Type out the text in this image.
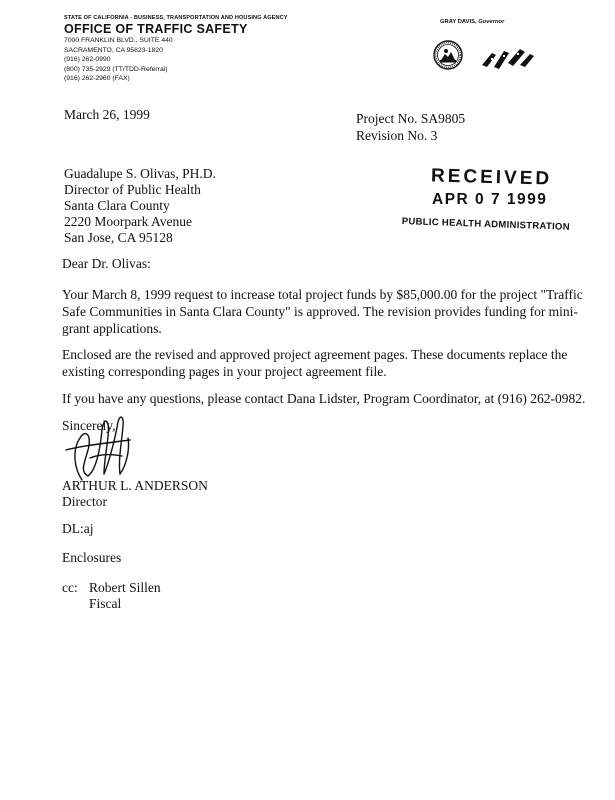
STATE OF CALIFORNIA - BUSINESS, TRANSPORTATION AND HOUSING AGENCY
OFFICE OF TRAFFIC SAFETY
7000 FRANKLIN BLVD., SUITE 440
SACRAMENTO, CA 95823-1820
(916) 262-0990
(800) 735-2929 (TT/TDD-Referral)
(916) 262-2960 (FAX)
GRAY DAVIS, Governor
March 26, 1999	Project No. SA9805
Revision No. 3
Guadalupe S. Olivas, PH.D.
Director of Public Health
Santa Clara County
2220 Moorpark Avenue
San Jose, CA 95128
RECEIVED
APR 0 7 1999
PUBLIC HEALTH ADMINISTRATION
Dear Dr. Olivas:
Your March 8, 1999 request to increase total project funds by $85,000.00 for the project "Traffic
Safe Communities in Santa Clara County" is approved. The revision provides funding for mini-
grant applications.
Enclosed are the revised and approved project agreement pages. These documents replace the
existing corresponding pages in your project agreement file.
If you have any questions, please contact Dana Lidster, Program Coordinator, at (916) 262-0982.
Sincerely,
ARTHUR L. ANDERSON
Director
DL:aj
Enclosures
cc: Robert Sillen
Fiscal
